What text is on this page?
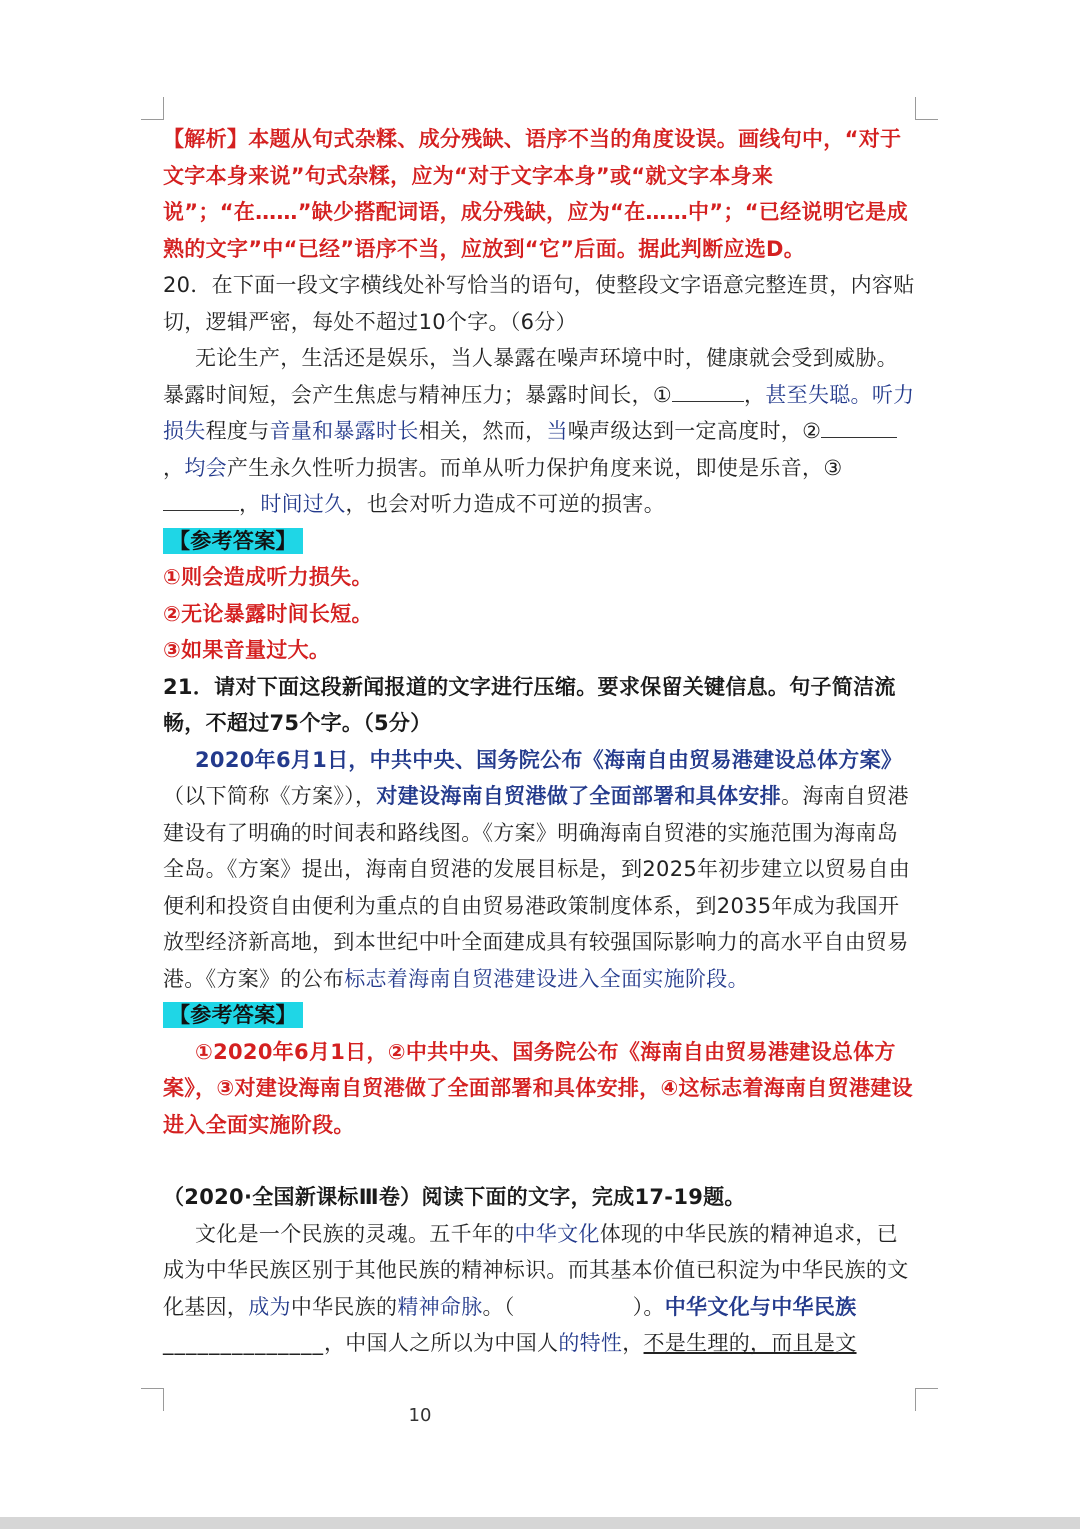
【解析】本题从句式杂糅、成分残缺、语序不当的角度设误。画线句中，“对于文字本身来说”句式杂糅，应为“对于文字本身”或“就文字本身来说”；“在……”缺少搭配词语，成分残缺，应为“在……中”；“已经说明它是成熟的文字”中“已经”语序不当，应放到“它”后面。据此判断应选D。

20．在下面一段文字横线处补写恰当的语句，使整段文字语意完整连贯，内容贴切，逻辑严密，每处不超过10个字。（6分）

无论生产，生活还是娱乐，当人暴露在噪声环境中时，健康就会受到威胁。暴露时间短，会产生焦虑与精神压力；暴露时间长，①	，甚至失聪。听力损失程度与音量和暴露时长相关，然而，当噪声级达到一定高度时，②，均会产生永久性听力损害。而单从听力保护角度来说，即使是乐音，③，时间过久，也会对听力造成不可逆的损害。

【参考答案】

①则会造成听力损失。

②无论暴露时间长短。

③如果音量过大。

21．请对下面这段新闻报道的文字进行压缩。要求保留关键信息。句子简洁流畅，不超过75个字。（5分）

2020年6月1日，中共中央、国务院公布《海南自由贸易港建设总体方案》（以下简称《方案》），对建设海南自贸港做了全面部署和具体安排。海南自贸港建设有了明确的时间表和路线图。《方案》明确海南自贸港的实施范围为海南岛全岛。《方案》提出，海南自贸港的发展目标是，到2025年初步建立以贸易自由便利和投资自由便利为重点的自由贸易港政策制度体系，到2035年成为我国开放型经济新高地，到本世纪中叶全面建成具有较强国际影响力的高水平自由贸易港。《方案》的公布标志着海南自贸港建设进入全面实施阶段。

【参考答案】

①2020年6月1日，②中共中央、国务院公布《海南自由贸易港建设总体方案》，③对建设海南自贸港做了全面部署和具体安排，④这标志着海南自贸港建设进入全面实施阶段。

（2020·全国新课标Ⅲ卷）阅读下面的文字，完成17-19题。

文化是一个民族的灵魂。五千年的中华文化体现的中华民族的精神追求，已成为中华民族区别于其他民族的精神标识。而其基本价值已积淀为中华民族的文化基因，成为中华民族的精神命脉。（	）。中华文化与中华民族
______________，中国人之所以为中国人的特性，不是生理的，而且是文

10
